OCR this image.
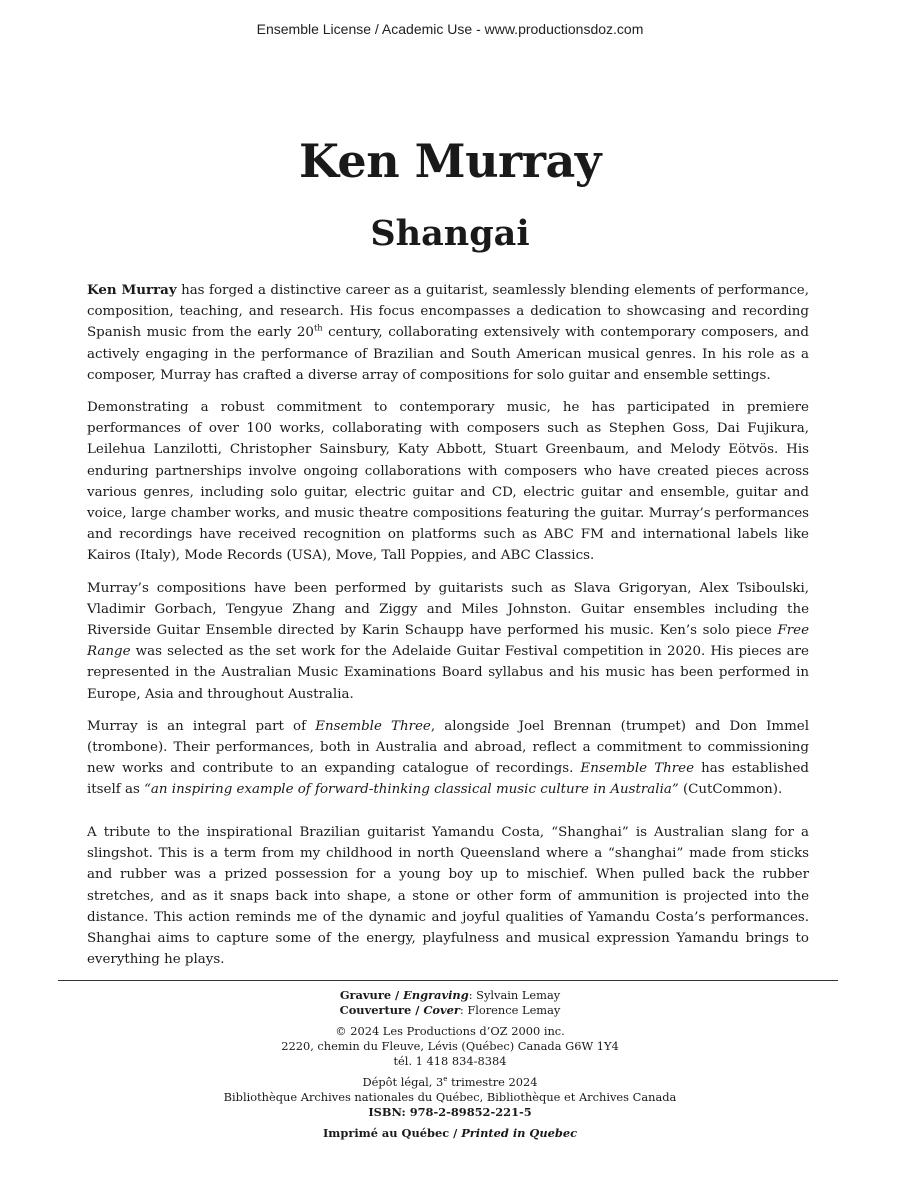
Ensemble License / Academic Use - www.productionsdoz.com
Ken Murray
Shangai

Ken Murray has forged a distinctive career as a guitarist, seamlessly blending elements of performance, composition, teaching, and research. His focus encompasses a dedication to showcasing and recording Spanish music from the early 20th century, collaborating extensively with contemporary composers, and actively engaging in the performance of Brazilian and South American musical genres. In his role as a composer, Murray has crafted a diverse array of compositions for solo guitar and ensemble settings.

Demonstrating a robust commitment to contemporary music, he has participated in premiere performances of over 100 works, collaborating with composers such as Stephen Goss, Dai Fujikura, Leilehua Lanzilotti, Christopher Sainsbury, Katy Abbott, Stuart Greenbaum, and Melody Eötvös. His enduring partnerships involve ongoing collaborations with composers who have created pieces across various genres, including solo guitar, electric guitar and CD, electric guitar and ensemble, guitar and voice, large chamber works, and music theatre compositions featuring the guitar. Murray’s performances and recordings have received recognition on platforms such as ABC FM and international labels like Kairos (Italy), Mode Records (USA), Move, Tall Poppies, and ABC Classics.

Murray’s compositions have been performed by guitarists such as Slava Grigoryan, Alex Tsiboulski, Vladimir Gorbach, Tengyue Zhang and Ziggy and Miles Johnston. Guitar ensembles including the Riverside Guitar Ensemble directed by Karin Schaupp have performed his music. Ken’s solo piece Free Range was selected as the set work for the Adelaide Guitar Festival competition in 2020. His pieces are represented in the Australian Music Examinations Board syllabus and his music has been performed in Europe, Asia and throughout Australia.

Murray is an integral part of Ensemble Three, alongside Joel Brennan (trumpet) and Don Immel (trombone). Their performances, both in Australia and abroad, reflect a commitment to commissioning new works and contribute to an expanding catalogue of recordings. Ensemble Three has established itself as “an inspiring example of forward-thinking classical music culture in Australia” (CutCommon).

A tribute to the inspirational Brazilian guitarist Yamandu Costa, “Shanghai” is Australian slang for a slingshot. This is a term from my childhood in north Queensland where a “shanghai” made from sticks and rubber was a prized possession for a young boy up to mischief. When pulled back the rubber stretches, and as it snaps back into shape, a stone or other form of ammunition is projected into the distance. This action reminds me of the dynamic and joyful qualities of Yamandu Costa’s performances. Shanghai aims to capture some of the energy, playfulness and musical expression Yamandu brings to everything he plays.

Gravure / Engraving: Sylvain Lemay
Couverture / Cover: Florence Lemay
© 2024 Les Productions d’OZ 2000 inc.
2220, chemin du Fleuve, Lévis (Québec) Canada G6W 1Y4
tél. 1 418 834-8384
Dépôt légal, 3e trimestre 2024
Bibliothèque Archives nationales du Québec, Bibliothèque et Archives Canada
ISBN: 978-2-89852-221-5
Imprimé au Québec / Printed in Quebec
